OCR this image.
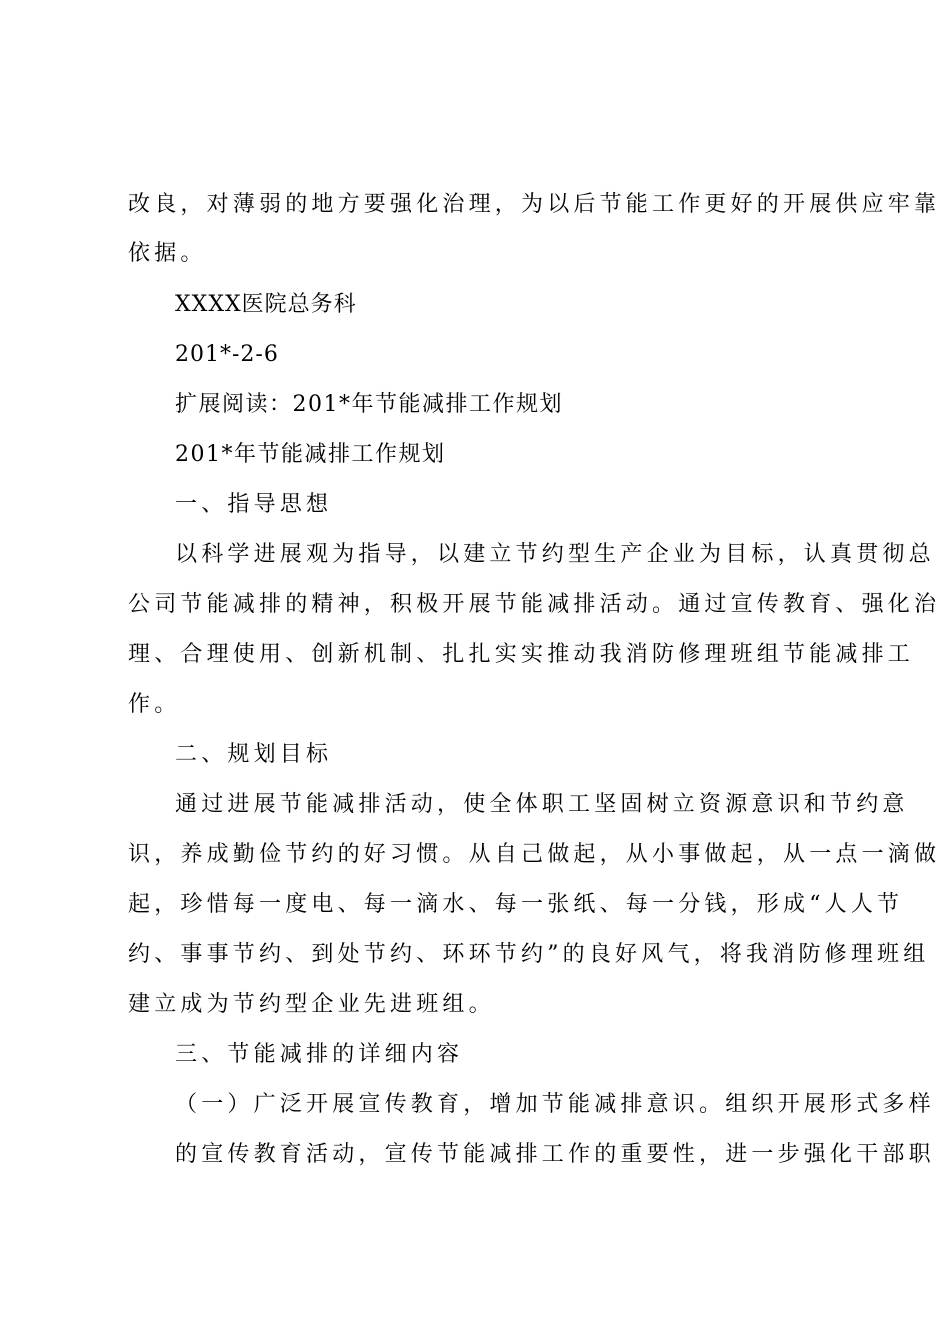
改良，对薄弱的地方要强化治理，为以后节能工作更好的开展供应牢靠
依据。
XXXX医院总务科
201*-2-6
扩展阅读：201*年节能减排工作规划
201*年节能减排工作规划
一、指导思想
以科学进展观为指导，以建立节约型生产企业为目标，认真贯彻总
公司节能减排的精神，积极开展节能减排活动。通过宣传教育、强化治
理、合理使用、创新机制、扎扎实实推动我消防修理班组节能减排工
作。
二、规划目标
通过进展节能减排活动，使全体职工坚固树立资源意识和节约意
识，养成勤俭节约的好习惯。从自己做起，从小事做起，从一点一滴做
起，珍惜每一度电、每一滴水、每一张纸、每一分钱，形成“人人节
约、事事节约、到处节约、环环节约”的良好风气，将我消防修理班组
建立成为节约型企业先进班组。
三、节能减排的详细内容
（一）广泛开展宣传教育，增加节能减排意识。组织开展形式多样
的宣传教育活动，宣传节能减排工作的重要性，进一步强化干部职
